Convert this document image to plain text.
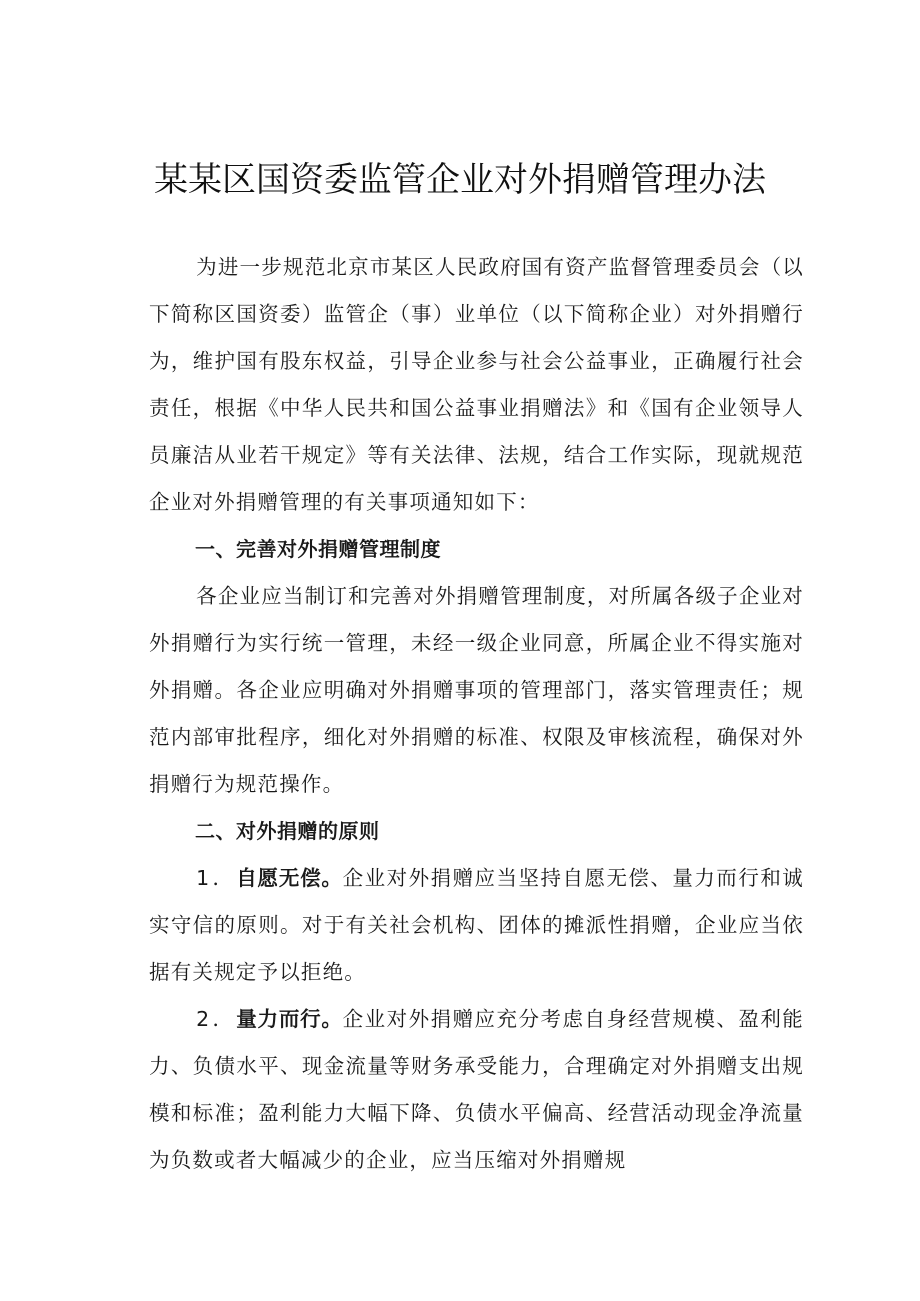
某某区国资委监管企业对外捐赠管理办法

为进一步规范北京市某区人民政府国有资产监督管理委员会（以下简称区国资委）监管企（事）业单位（以下简称企业）对外捐赠行为，维护国有股东权益，引导企业参与社会公益事业，正确履行社会责任，根据《中华人民共和国公益事业捐赠法》和《国有企业领导人员廉洁从业若干规定》等有关法律、法规，结合工作实际，现就规范企业对外捐赠管理的有关事项通知如下：

一、完善对外捐赠管理制度

各企业应当制订和完善对外捐赠管理制度，对所属各级子企业对外捐赠行为实行统一管理，未经一级企业同意，所属企业不得实施对外捐赠。各企业应明确对外捐赠事项的管理部门，落实管理责任；规范内部审批程序，细化对外捐赠的标准、权限及审核流程，确保对外捐赠行为规范操作。

二、对外捐赠的原则

1．自愿无偿。企业对外捐赠应当坚持自愿无偿、量力而行和诚实守信的原则。对于有关社会机构、团体的摊派性捐赠，企业应当依据有关规定予以拒绝。

2．量力而行。企业对外捐赠应充分考虑自身经营规模、盈利能力、负债水平、现金流量等财务承受能力，合理确定对外捐赠支出规模和标准；盈利能力大幅下降、负债水平偏高、经营活动现金净流量为负数或者大幅减少的企业，应当压缩对外捐赠规
